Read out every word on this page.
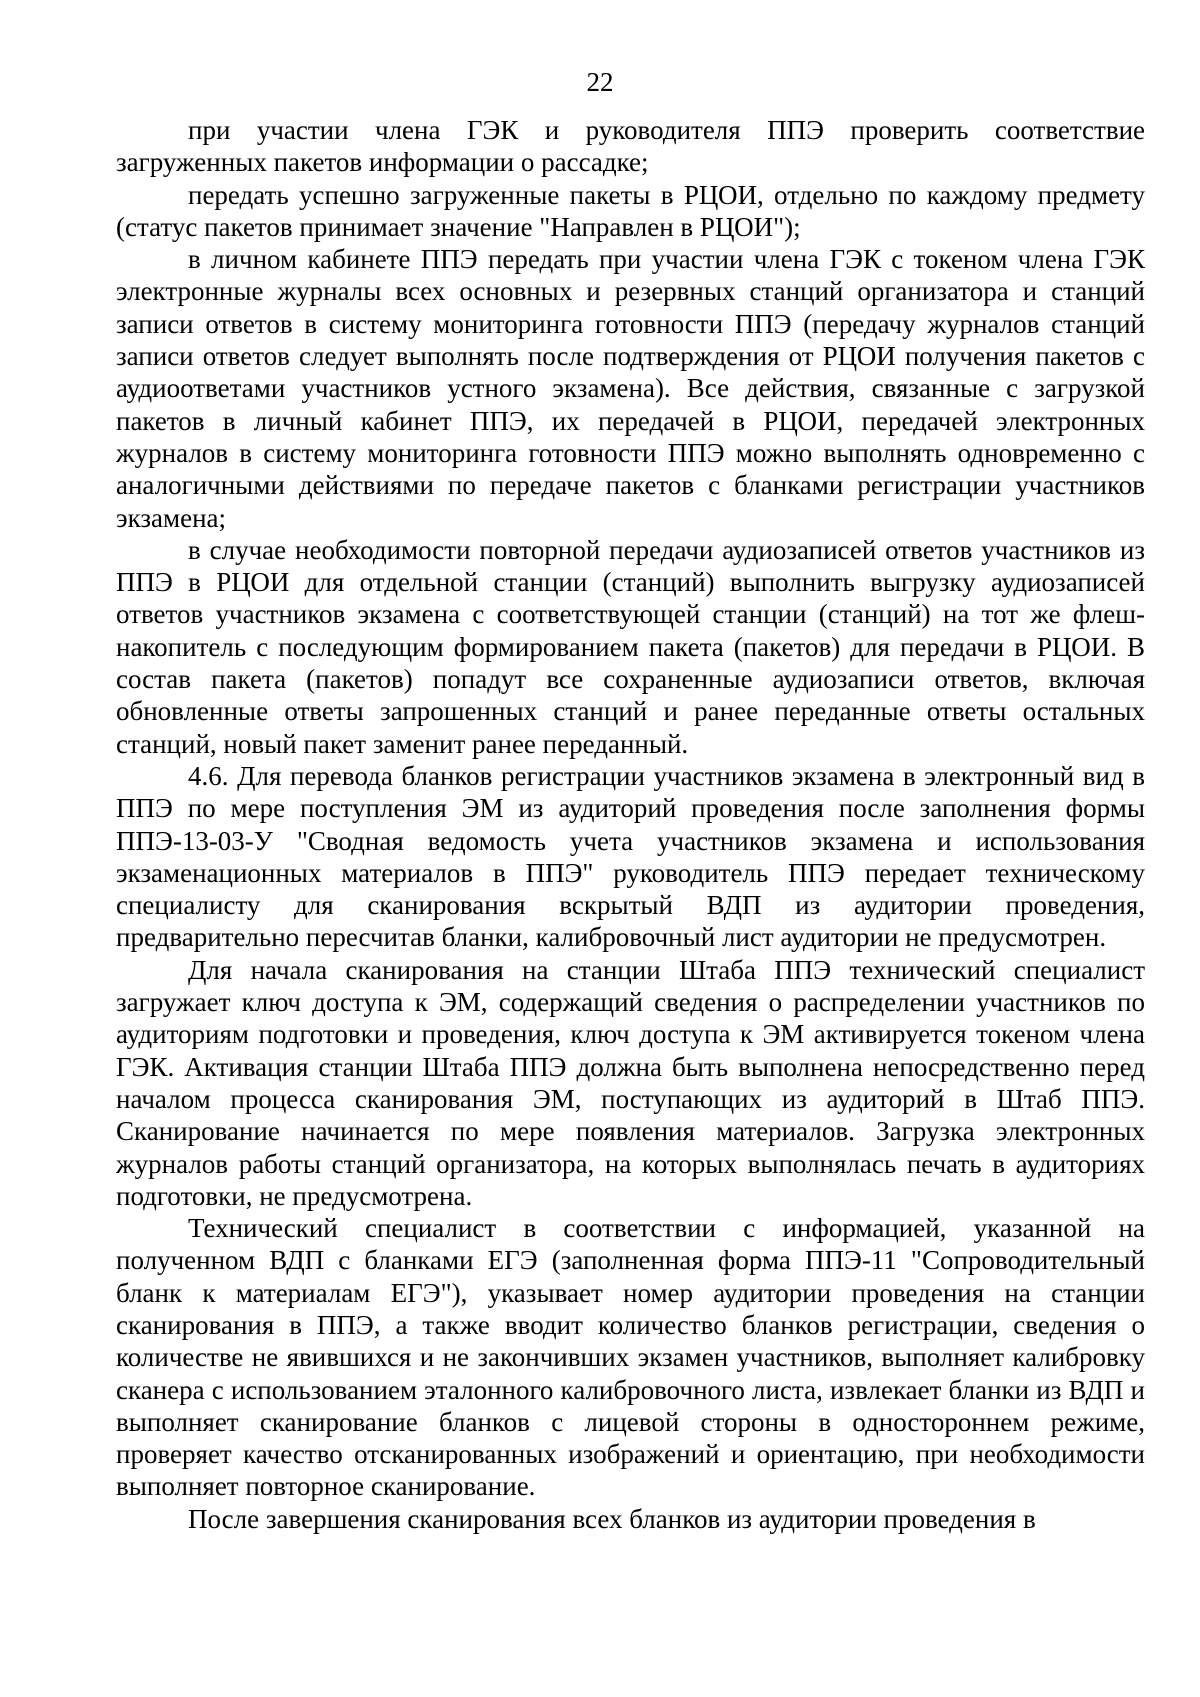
22

при участии члена ГЭК и руководителя ППЭ проверить соответствие загруженных пакетов информации о рассадке;

передать успешно загруженные пакеты в РЦОИ, отдельно по каждому предмету (статус пакетов принимает значение "Направлен в РЦОИ");

в личном кабинете ППЭ передать при участии члена ГЭК с токеном члена ГЭК электронные журналы всех основных и резервных станций организатора и станций записи ответов в систему мониторинга готовности ППЭ (передачу журналов станций записи ответов следует выполнять после подтверждения от РЦОИ получения пакетов с аудиоответами участников устного экзамена). Все действия, связанные с загрузкой пакетов в личный кабинет ППЭ, их передачей в РЦОИ, передачей электронных журналов в систему мониторинга готовности ППЭ можно выполнять одновременно с аналогичными действиями по передаче пакетов с бланками регистрации участников экзамена;

в случае необходимости повторной передачи аудиозаписей ответов участников из ППЭ в РЦОИ для отдельной станции (станций) выполнить выгрузку аудиозаписей ответов участников экзамена с соответствующей станции (станций) на тот же флеш-накопитель с последующим формированием пакета (пакетов) для передачи в РЦОИ. В состав пакета (пакетов) попадут все сохраненные аудиозаписи ответов, включая обновленные ответы запрошенных станций и ранее переданные ответы остальных станций, новый пакет заменит ранее переданный.

4.6. Для перевода бланков регистрации участников экзамена в электронный вид в ППЭ по мере поступления ЭМ из аудиторий проведения после заполнения формы ППЭ-13-03-У "Сводная ведомость учета участников экзамена и использования экзаменационных материалов в ППЭ" руководитель ППЭ передает техническому специалисту для сканирования вскрытый ВДП из аудитории проведения, предварительно пересчитав бланки, калибровочный лист аудитории не предусмотрен.

Для начала сканирования на станции Штаба ППЭ технический специалист загружает ключ доступа к ЭМ, содержащий сведения о распределении участников по аудиториям подготовки и проведения, ключ доступа к ЭМ активируется токеном члена ГЭК. Активация станции Штаба ППЭ должна быть выполнена непосредственно перед началом процесса сканирования ЭМ, поступающих из аудиторий в Штаб ППЭ. Сканирование начинается по мере появления материалов. Загрузка электронных журналов работы станций организатора, на которых выполнялась печать в аудиториях подготовки, не предусмотрена.

Технический специалист в соответствии с информацией, указанной на полученном ВДП с бланками ЕГЭ (заполненная форма ППЭ-11 "Сопроводительный бланк к материалам ЕГЭ"), указывает номер аудитории проведения на станции сканирования в ППЭ, а также вводит количество бланков регистрации, сведения о количестве не явившихся и не закончивших экзамен участников, выполняет калибровку сканера с использованием эталонного калибровочного листа, извлекает бланки из ВДП и выполняет сканирование бланков с лицевой стороны в одностороннем режиме, проверяет качество отсканированных изображений и ориентацию, при необходимости выполняет повторное сканирование.

После завершения сканирования всех бланков из аудитории проведения в
